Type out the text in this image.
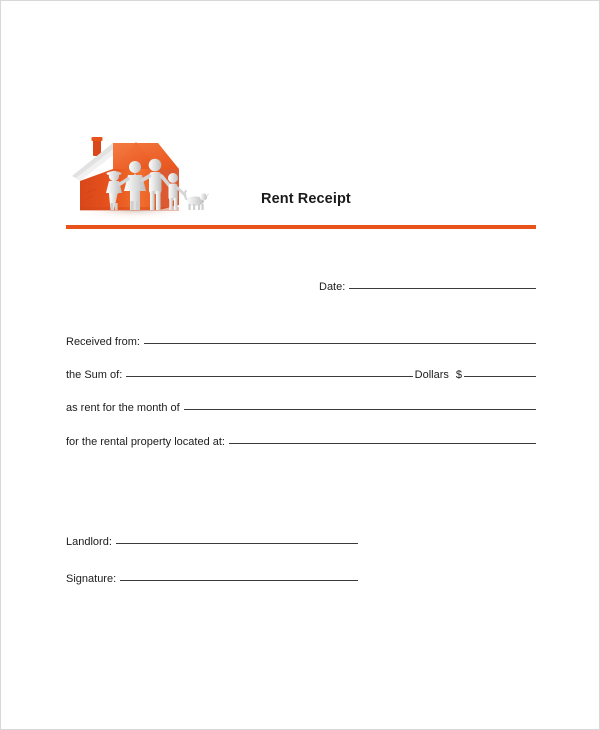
Rent Receipt
Date:
Received from:
the Sum of:	Dollars $
as rent for the month of
for the rental property located at:
Landlord:
Signature:
